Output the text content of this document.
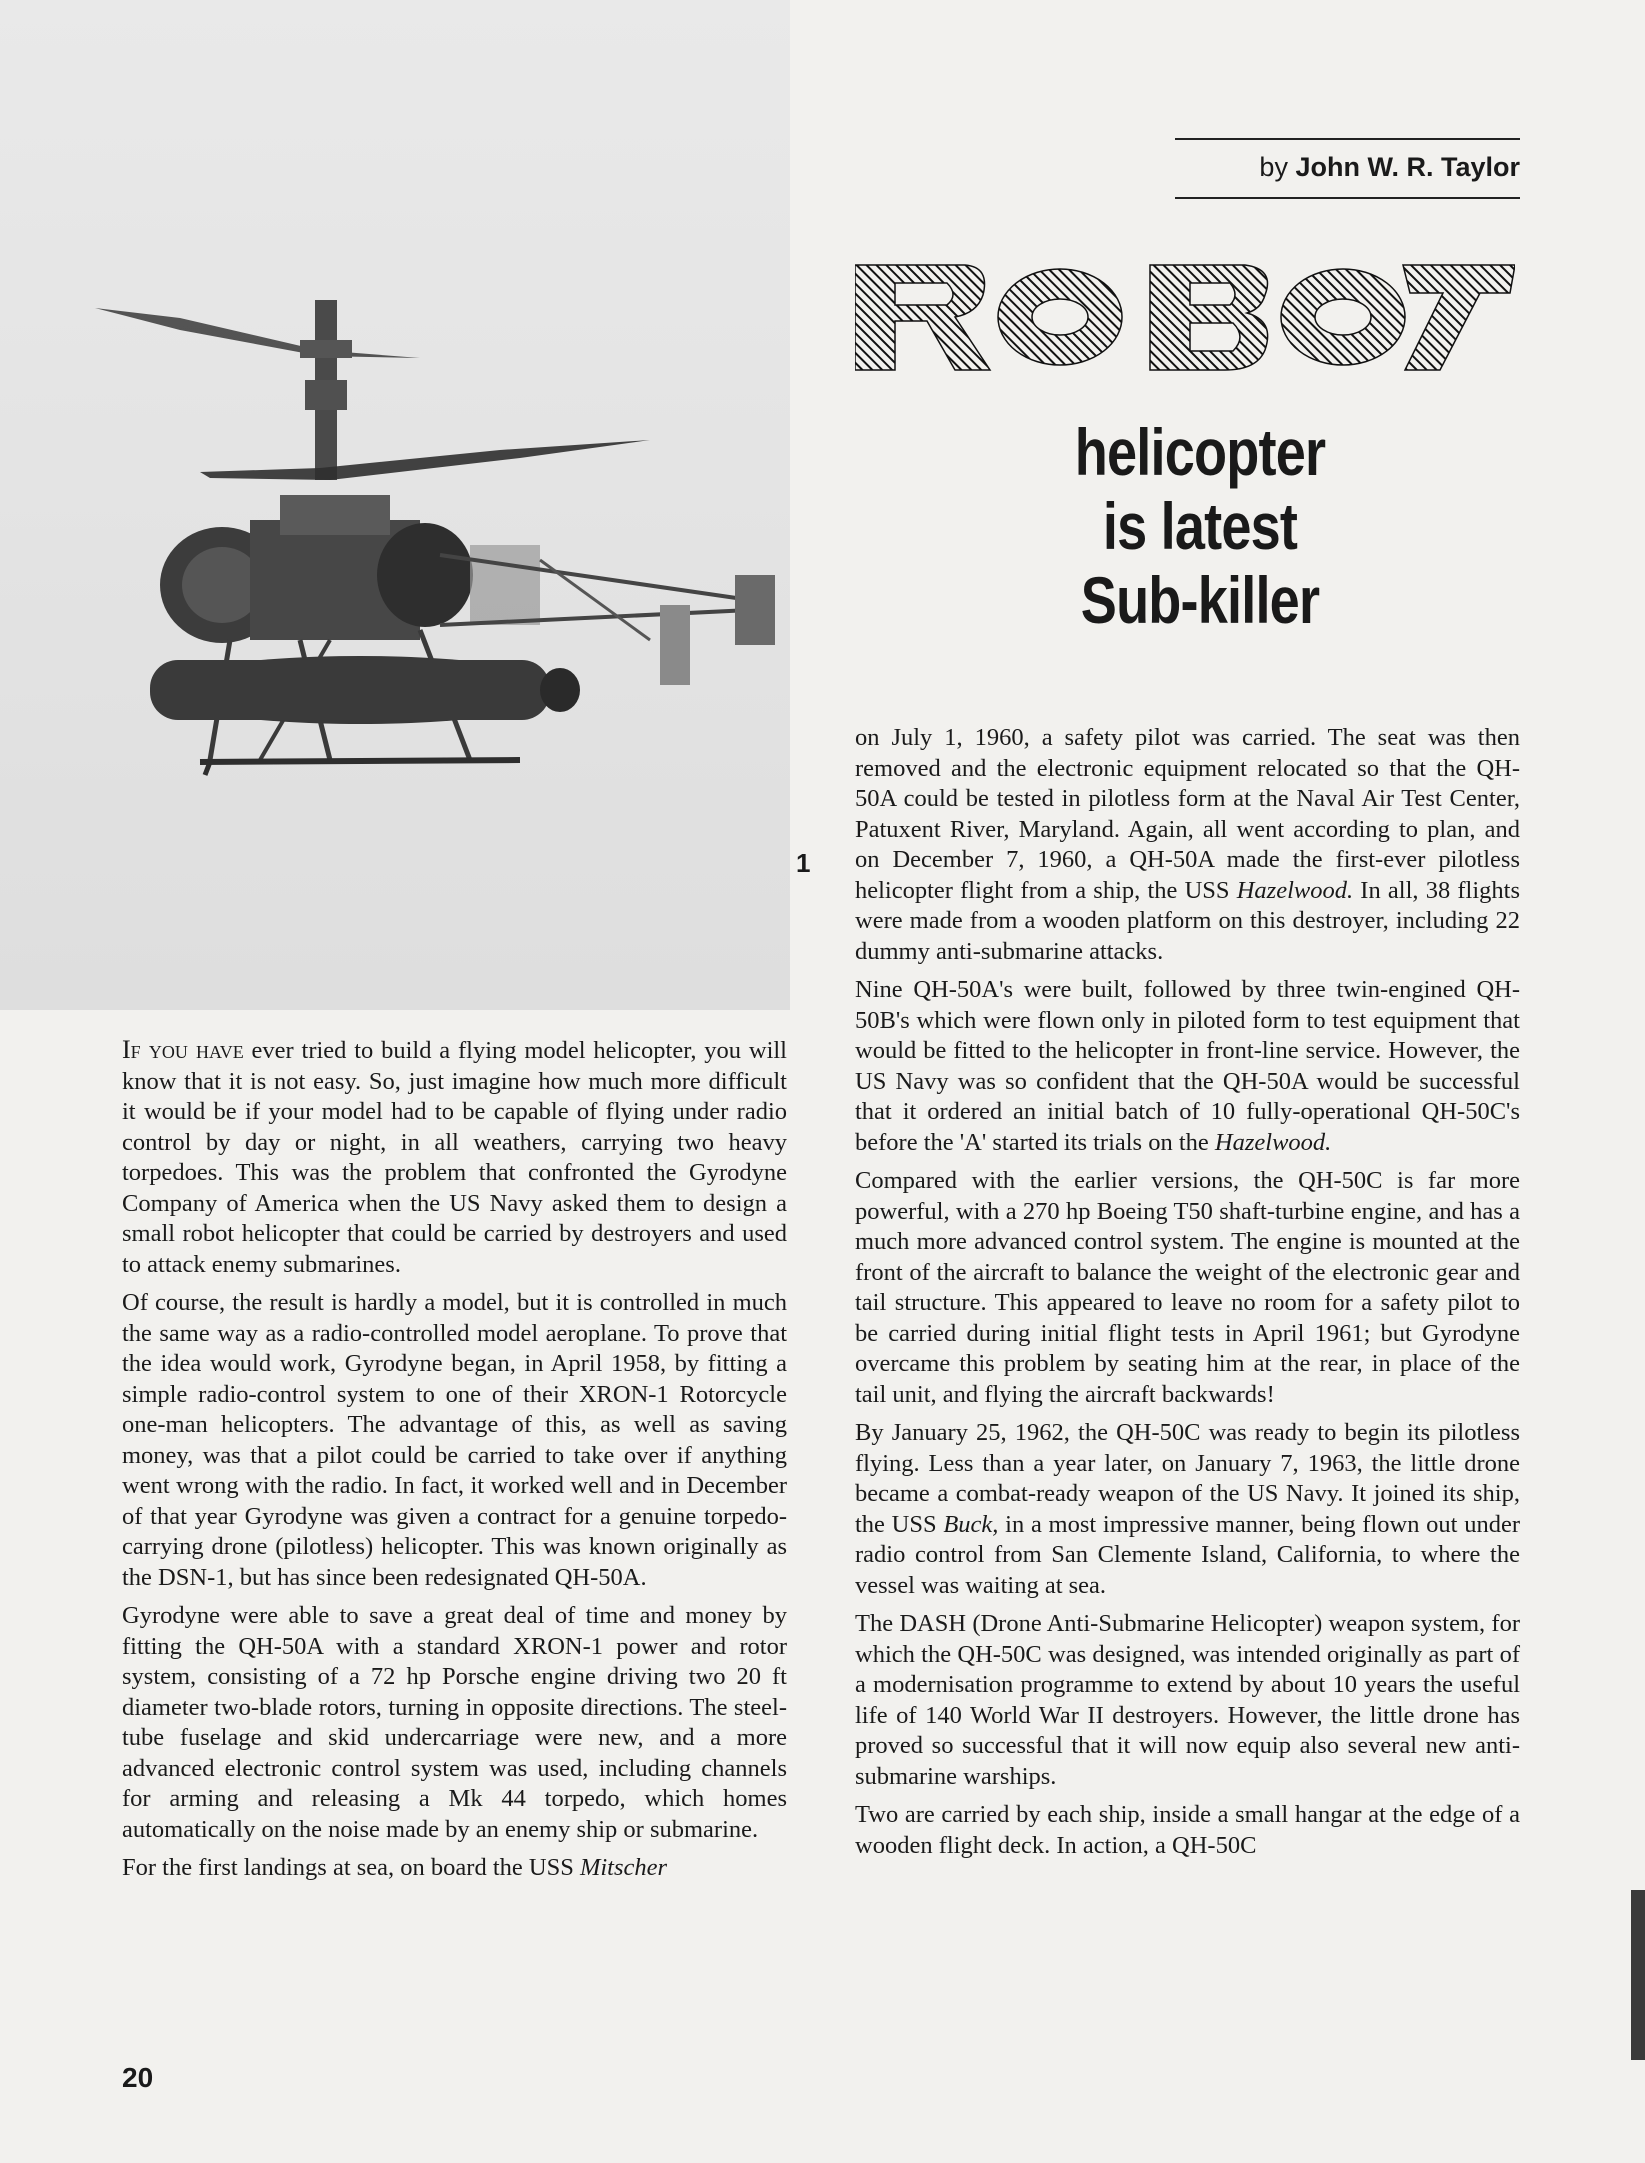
1
by John W. R. Taylor
helicopter
is latest
Sub-killer

If you have ever tried to build a flying model helicopter, you will know that it is not easy. So, just imagine how much more difficult it would be if your model had to be capable of flying under radio control by day or night, in all weathers, carrying two heavy torpedoes. This was the problem that confronted the Gyrodyne Company of America when the US Navy asked them to design a small robot helicopter that could be carried by destroyers and used to attack enemy submarines.

Of course, the result is hardly a model, but it is controlled in much the same way as a radio-controlled model aeroplane. To prove that the idea would work, Gyrodyne began, in April 1958, by fitting a simple radio-control system to one of their XRON-1 Rotorcycle one-man helicopters. The advantage of this, as well as saving money, was that a pilot could be carried to take over if anything went wrong with the radio. In fact, it worked well and in December of that year Gyrodyne was given a contract for a genuine torpedo-carrying drone (pilotless) helicopter. This was known originally as the DSN-1, but has since been redesignated QH-50A.

Gyrodyne were able to save a great deal of time and money by fitting the QH-50A with a standard XRON-1 power and rotor system, consisting of a 72 hp Porsche engine driving two 20 ft diameter two-blade rotors, turning in opposite directions. The steel-tube fuselage and skid undercarriage were new, and a more advanced electronic control system was used, including channels for arming and releasing a Mk 44 torpedo, which homes automatically on the noise made by an enemy ship or submarine.

For the first landings at sea, on board the USS Mitscher

on July 1, 1960, a safety pilot was carried. The seat was then removed and the electronic equipment relocated so that the QH-50A could be tested in pilotless form at the Naval Air Test Center, Patuxent River, Maryland. Again, all went according to plan, and on December 7, 1960, a QH-50A made the first-ever pilotless helicopter flight from a ship, the USS Hazelwood. In all, 38 flights were made from a wooden platform on this destroyer, including 22 dummy anti-submarine attacks.

Nine QH-50A's were built, followed by three twin-engined QH-50B's which were flown only in piloted form to test equipment that would be fitted to the helicopter in front-line service. However, the US Navy was so confident that the QH-50A would be successful that it ordered an initial batch of 10 fully-operational QH-50C's before the 'A' started its trials on the Hazelwood.

Compared with the earlier versions, the QH-50C is far more powerful, with a 270 hp Boeing T50 shaft-turbine engine, and has a much more advanced control system. The engine is mounted at the front of the aircraft to balance the weight of the electronic gear and tail structure. This appeared to leave no room for a safety pilot to be carried during initial flight tests in April 1961; but Gyrodyne overcame this problem by seating him at the rear, in place of the tail unit, and flying the aircraft backwards!

By January 25, 1962, the QH-50C was ready to begin its pilotless flying. Less than a year later, on January 7, 1963, the little drone became a combat-ready weapon of the US Navy. It joined its ship, the USS Buck, in a most impressive manner, being flown out under radio control from San Clemente Island, California, to where the vessel was waiting at sea.

The DASH (Drone Anti-Submarine Helicopter) weapon system, for which the QH-50C was designed, was intended originally as part of a modernisation programme to extend by about 10 years the useful life of 140 World War II destroyers. However, the little drone has proved so successful that it will now equip also several new anti-submarine warships.

Two are carried by each ship, inside a small hangar at the edge of a wooden flight deck. In action, a QH-50C

20
